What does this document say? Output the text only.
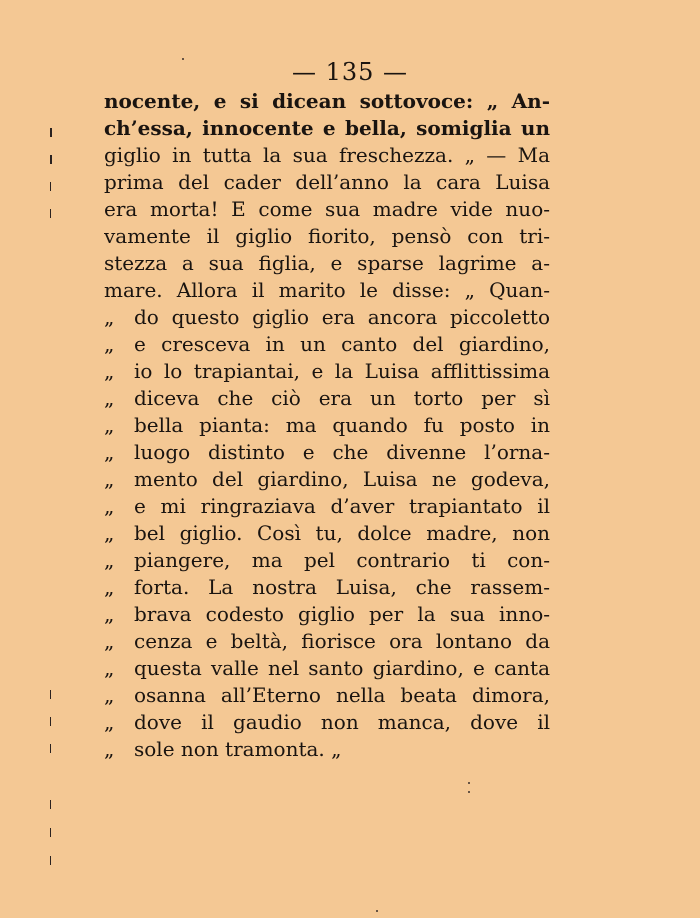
— 135 —
nocente, e si dicean sottovoce: „ An-
ch’essa, innocente e bella, somiglia un
giglio in tutta la sua freschezza. „ — Ma
prima del cader dell’anno la cara Luisa
era morta! E come sua madre vide nuo-
vamente il giglio fiorito, pensò con tri-
stezza a sua figlia, e sparse lagrime a-
mare. Allora il marito le disse: „ Quan-
„ do questo giglio era ancora piccoletto
„ e cresceva in un canto del giardino,
„ io lo trapiantai, e la Luisa afflittissima
„ diceva che ciò era un torto per sì
„ bella pianta: ma quando fu posto in
„ luogo distinto e che divenne l’orna-
„ mento del giardino, Luisa ne godeva,
„ e mi ringraziava d’aver trapiantato il
„ bel giglio. Così tu, dolce madre, non
„ piangere, ma pel contrario ti con-
„ forta. La nostra Luisa, che rassem-
„ brava codesto giglio per la sua inno-
„ cenza e beltà, fiorisce ora lontano da
„ questa valle nel santo giardino, e canta
„ osanna all’Eterno nella beata dimora,
„ dove il gaudio non manca, dove il
„ sole non tramonta. „
